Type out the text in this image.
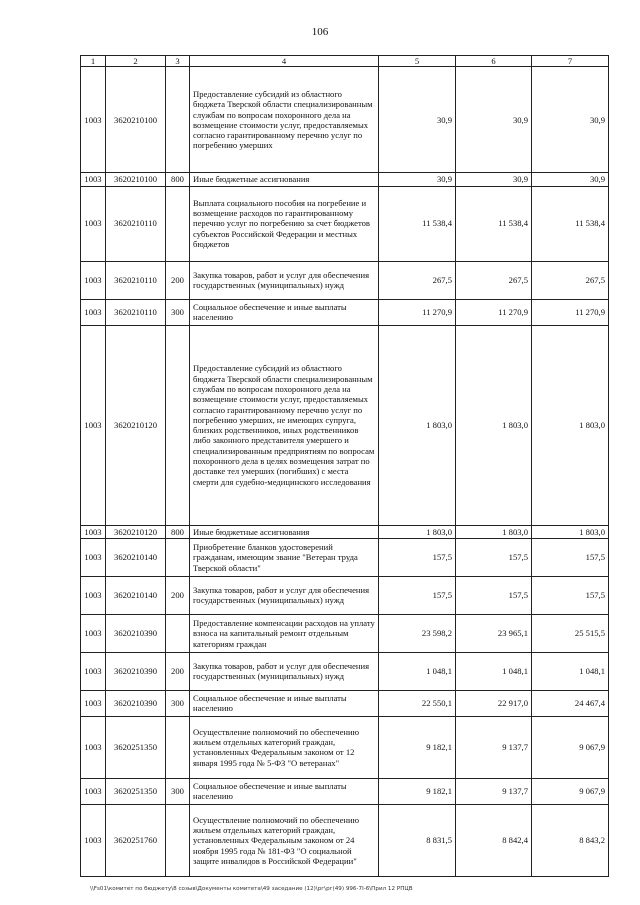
106
1	2	3	4	5	6	7
1003	3620210100		Предоставление субсидий из областного бюджета Тверской области специализированным службам по вопросам похоронного дела на возмещение стоимости услуг, предоставляемых согласно гарантированному перечню услуг по погребению умерших	30,9	30,9	30,9
1003	3620210100	800	Иные бюджетные ассигнования	30,9	30,9	30,9
1003	3620210110		Выплата социального пособия на погребение и возмещение расходов по гарантированному перечню услуг по погребению за счет бюджетов субъектов Российской Федерации и местных бюджетов	11 538,4	11 538,4	11 538,4
1003	3620210110	200	Закупка товаров, работ и услуг для обеспечения государственных (муниципальных) нужд	267,5	267,5	267,5
1003	3620210110	300	Социальное обеспечение и иные выплаты населению	11 270,9	11 270,9	11 270,9
1003	3620210120		Предоставление субсидий из областного бюджета Тверской области специализированным службам по вопросам похоронного дела на возмещение стоимости услуг, предоставляемых согласно гарантированному перечню услуг по погребению умерших, не имеющих супруга, близких родственников, иных родственников либо законного представителя умершего и специализированным предприятиям по вопросам похоронного дела в целях возмещения затрат по доставке тел умерших (погибших) с места смерти для судебно-медицинского исследования	1 803,0	1 803,0	1 803,0
1003	3620210120	800	Иные бюджетные ассигнования	1 803,0	1 803,0	1 803,0
1003	3620210140		Приобретение бланков удостоверений гражданам, имеющим звание "Ветеран труда Тверской области"	157,5	157,5	157,5
1003	3620210140	200	Закупка товаров, работ и услуг для обеспечения государственных (муниципальных) нужд	157,5	157,5	157,5
1003	3620210390		Предоставление компенсации расходов на уплату взноса на капитальный ремонт отдельным категориям граждан	23 598,2	23 965,1	25 515,5
1003	3620210390	200	Закупка товаров, работ и услуг для обеспечения государственных (муниципальных) нужд	1 048,1	1 048,1	1 048,1
1003	3620210390	300	Социальное обеспечение и иные выплаты населению	22 550,1	22 917,0	24 467,4
1003	3620251350		Осуществление полномочий по обеспечению жильем отдельных категорий граждан, установленных Федеральным законом от 12 января 1995 года № 5-ФЗ "О ветеранах"	9 182,1	9 137,7	9 067,9
1003	3620251350	300	Социальное обеспечение и иные выплаты населению	9 182,1	9 137,7	9 067,9
1003	3620251760		Осуществление полномочий по обеспечению жильем отдельных категорий граждан, установленных Федеральным законом от 24 ноября 1995 года № 181-ФЗ "О социальной защите инвалидов в Российской Федерации"	8 831,5	8 842,4	8 843,2
\\Fs01\комитет по бюджету\8 созыв\Документы комитета\49 заседание (12)\рг\рг(49) 996-7I-6\Прил 12 РПЦВ
